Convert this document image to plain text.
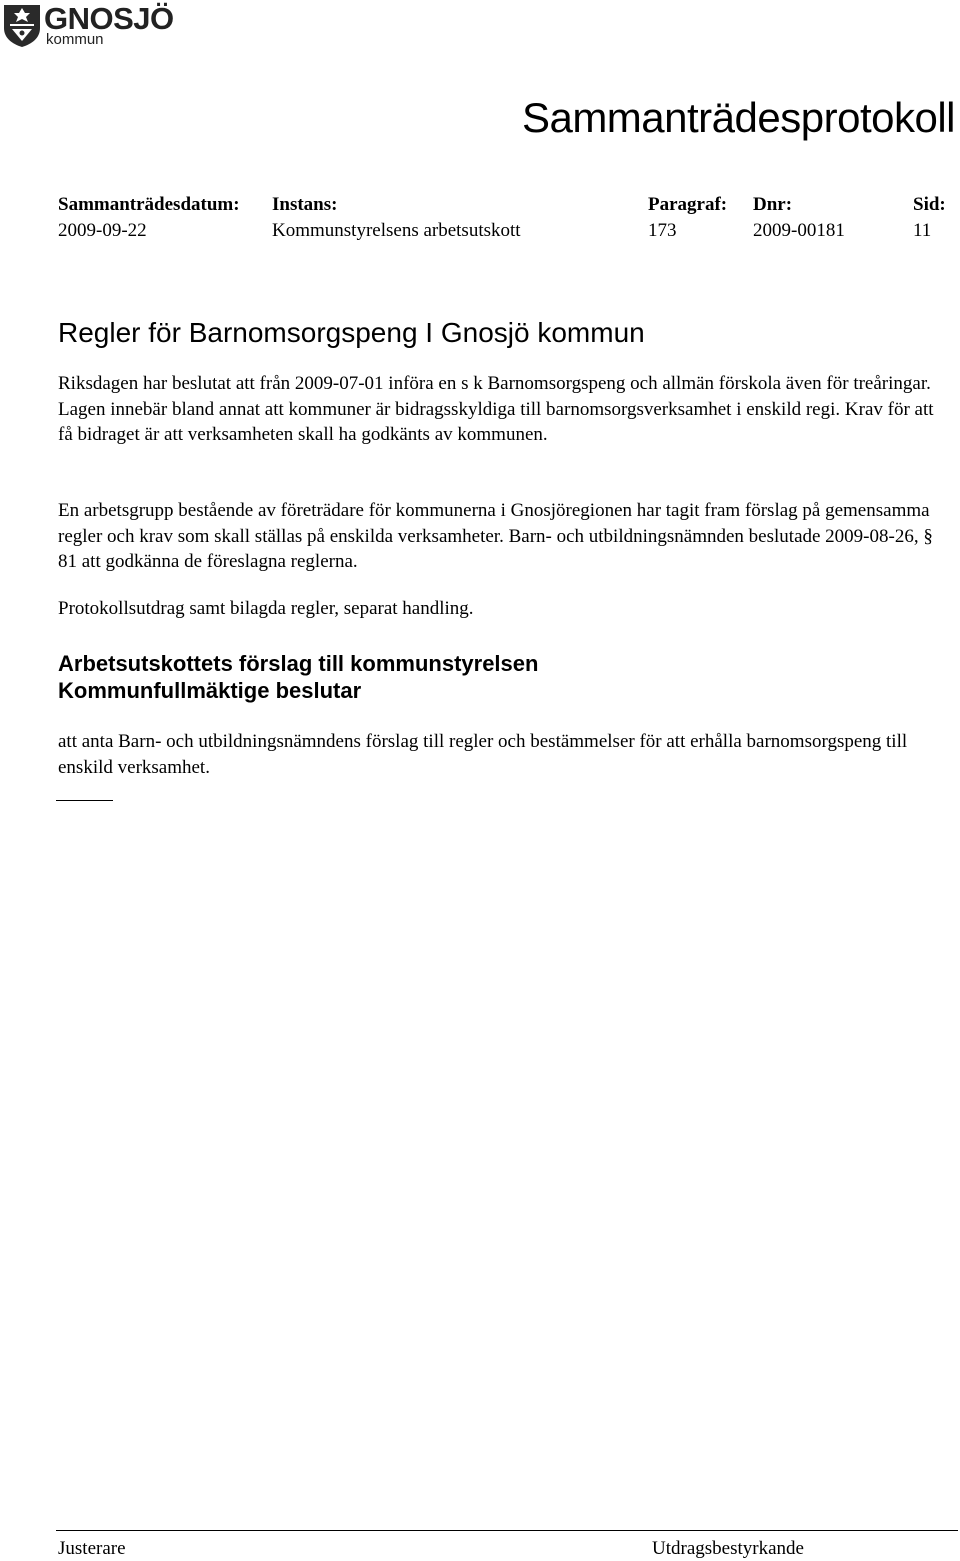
GNOSJÖ
kommun
Sammanträdesprotokoll
Sammanträdesdatum:
2009-09-22
Instans:
Kommunstyrelsens arbetsutskott
Paragraf:
173
Dnr:
2009-00181
Sid:
11
Regler för Barnomsorgspeng I Gnosjö kommun

Riksdagen har beslutat att från 2009-07-01 införa en s k Barnomsorgspeng och allmän förskola även för treåringar. Lagen innebär bland annat att kommuner är bidragsskyldiga till barnomsorgsverksamhet i enskild regi. Krav för att få bidraget är att verksamheten skall ha godkänts av kommunen.

En arbetsgrupp bestående av företrädare för kommunerna i Gnosjöregionen har tagit fram förslag på gemensamma regler och krav som skall ställas på enskilda verksamheter. Barn- och utbildningsnämnden beslutade 2009-08-26, § 81 att godkänna de föreslagna reglerna.

Protokollsutdrag samt bilagda regler, separat handling.

Arbetsutskottets förslag till kommunstyrelsen
Kommunfullmäktige beslutar

att anta Barn- och utbildningsnämndens förslag till regler och bestämmelser för att erhålla barnomsorgspeng till enskild verksamhet.

Justerare	Utdragsbestyrkande
